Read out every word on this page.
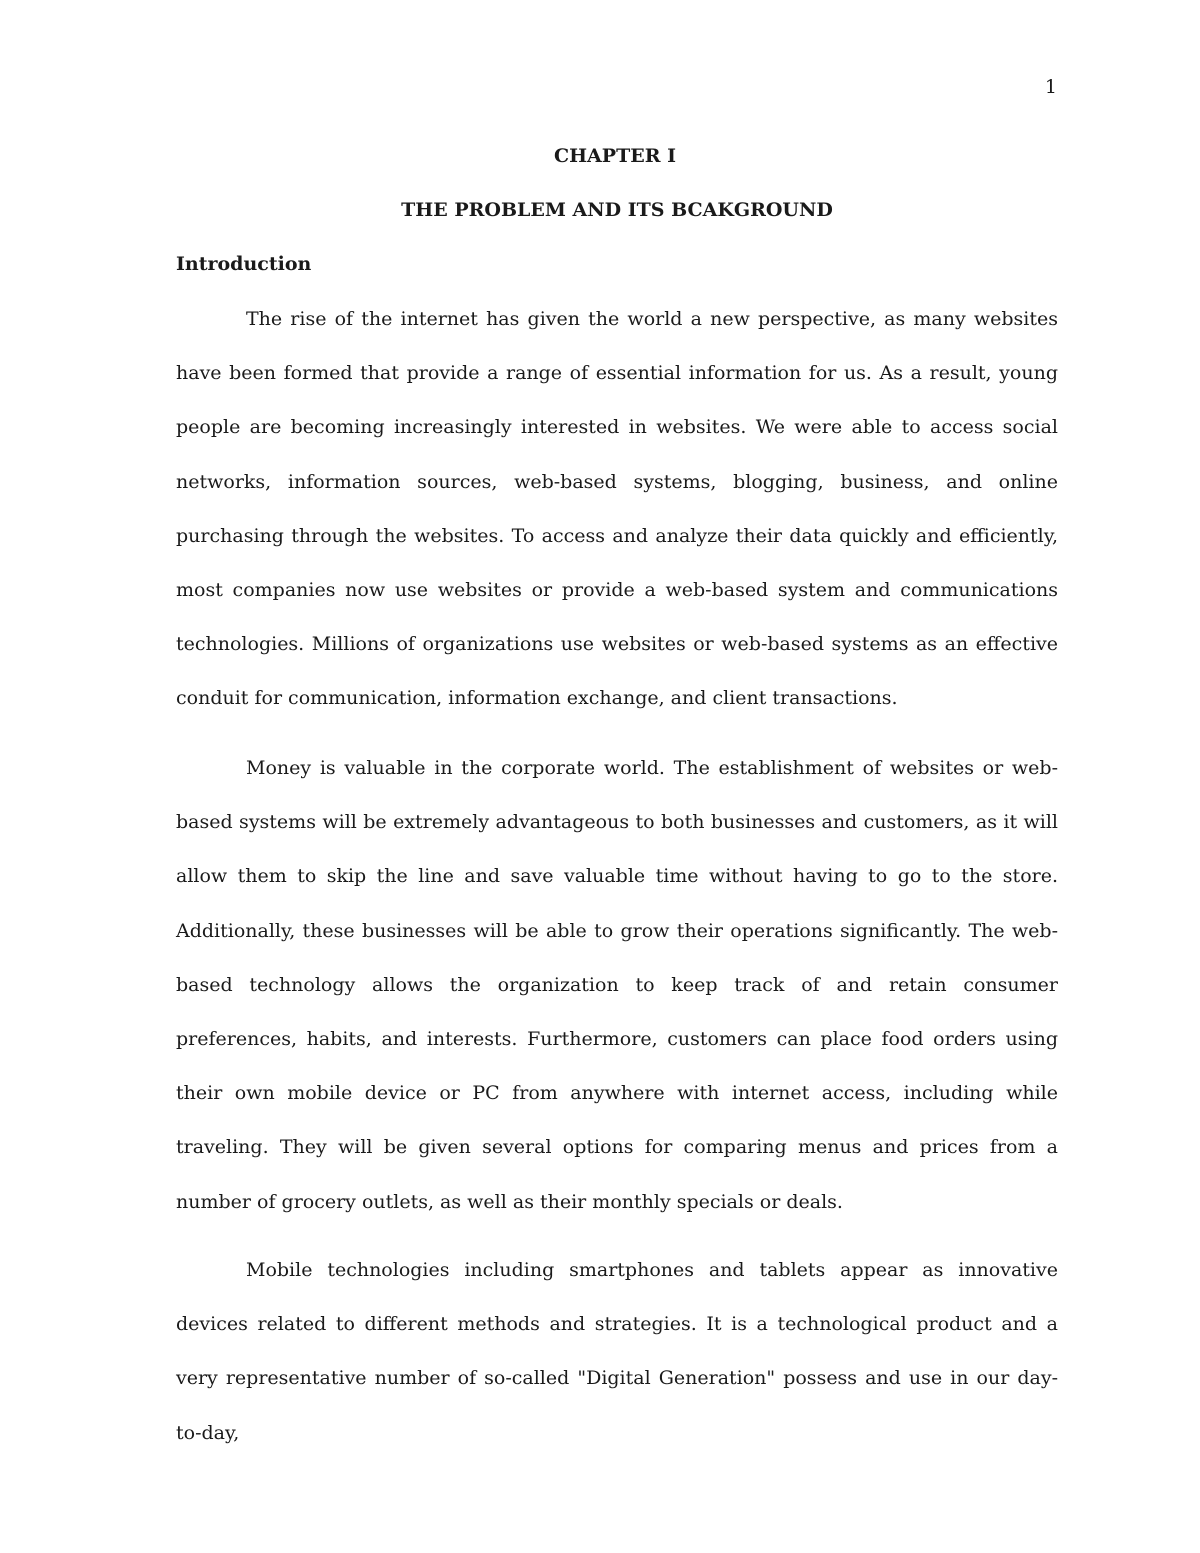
1
CHAPTER I
THE PROBLEM AND ITS BCAKGROUND
Introduction

The rise of the internet has given the world a new perspective, as many websites have been formed that provide a range of essential information for us. As a result, young people are becoming increasingly interested in websites. We were able to access social networks, information sources, web-based systems, blogging, business, and online purchasing through the websites. To access and analyze their data quickly and efficiently, most companies now use websites or provide a web-based system and communications technologies. Millions of organizations use websites or web-based systems as an effective conduit for communication, information exchange, and client transactions.

Money is valuable in the corporate world. The establishment of websites or web-based systems will be extremely advantageous to both businesses and customers, as it will allow them to skip the line and save valuable time without having to go to the store. Additionally, these businesses will be able to grow their operations significantly. The web-based technology allows the organization to keep track of and retain consumer preferences, habits, and interests. Furthermore, customers can place food orders using their own mobile device or PC from anywhere with internet access, including while traveling. They will be given several options for comparing menus and prices from a number of grocery outlets, as well as their monthly specials or deals.

Mobile technologies including smartphones and tablets appear as innovative devices related to different methods and strategies. It is a technological product and a very representative number of so-called "Digital Generation" possess and use in our day-to-day,
